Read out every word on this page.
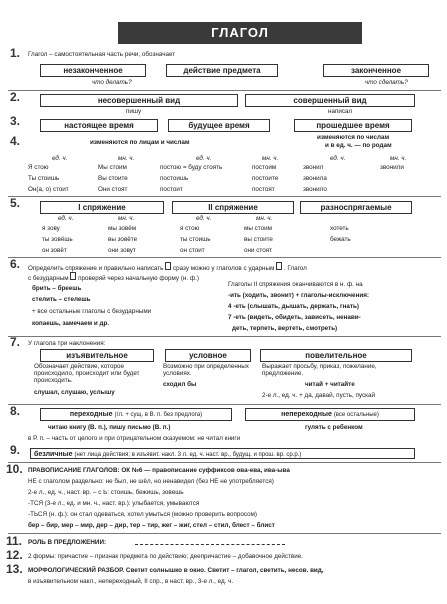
ГЛАГОЛ
1. Глагол – самостоятельная часть речи, обозначает
незаконченное	действие предмета	законченное
что делать?	что сделать?
2.	несовершенный вид	совершенный вид
пишу	написал
3.	настоящее время	будущее время	прошедшее время
4.	изменяются по лицам и числам
изменяются по числам
и в ед. ч. — по родам
ед. ч.	мн. ч.	ед. ч.	мн. ч.	ед. ч.	мн. ч.
Я стою	Мы стоим	постою = буду стоять	постоим	звонил	звонили
Ты стоишь	Вы стоите	постоишь	постоите	звонила
Он(а, о) стоит	Они стоят	постоит	постоят	звонило
5.	I спряжение	II спряжение	разноспрягаемые
ед. ч.	мн. ч.	ед. ч.	мн. ч.
я зову	мы зовём	я стою	мы стоим	хотеть
ты зовёшь	вы зовёте	ты стоишь	вы стоите	бежать
он зовёт	они зовут	он стоит	они стоят
6. Определить спряжение и правильно написать сразу можно у глаголов с ударным . Глагол
с безударным проверяй через начальную форму (н. ф.)
брить – бреешь
стелить – стелешь
+ все остальные глаголы с безударными
копаешь, замечаем и др.
Глаголы II спряжения оканчиваются в н. ф. на
-ить (ходить, звонит) + глаголы-исключения:
4 -еть (слышать, дышать, держать, гнать)
7 -еть (видеть, обидеть, зависеть, ненави-
деть, терпеть, вертеть, смотреть)
7. У глагола три наклонения:
изъявительное	условное	повелительное
Обозначает действие, которое происходило, происходит или будет происходить.
слушал, слушаю, услышу
Возможно при определенных условиях.
сходил бы
Выражает просьбу, приказ, пожелание, предложение.
читай + читайте
2-е л., ед. ч. + да, давай, пусть, пускай
8.	переходные (гл. + сущ. в В. п. без предлога)	непереходные (все остальные)
читаю книгу (В. п.), пишу письмо (В. п.)	гулять с ребенком
в Р. п. – часть от целого и при отрицательном сказуемом: не читал книги
9.	безличные (нет лица действия; в изъявит. накл. 3 л. ед. ч. наст. вр., будущ. и прош. вр. ср.р.)
10. ПРАВОПИСАНИЕ ГЛАГОЛОВ: ОК №6 — правописание суффиксов ова-ева, ива-ыва
НЕ с глаголом раздельно: не был, не шёл, но ненавидел (без НЕ не употребляется)
2-е л., ед. ч., наст. вр. – с Ь: стоишь, бежишь, зовешь
-ТСЯ (3-е л., ед. и мн. ч., наст. вр.): улыбается, умываются
-ТЬСЯ (н. ф.): он стал одеваться, хотел умыться (можно проверить вопросом)
бер – бир, мер – мир, дер – дир, тер – тир, жег – жиг, стел – стил, блест – блист
11. РОЛЬ В ПРЕДЛОЖЕНИИ:
12. 2 формы: причастие – признак предмета по действию; деепричастие – добавочное действие.
13. МОРФОЛОГИЧЕСКИЙ РАЗБОР. Светит солнышко в окно. Светит – глагол, светить, несов. вид,
в изъявительном накл., непереходный, II спр., в наст. вр., 3-е л., ед. ч.
